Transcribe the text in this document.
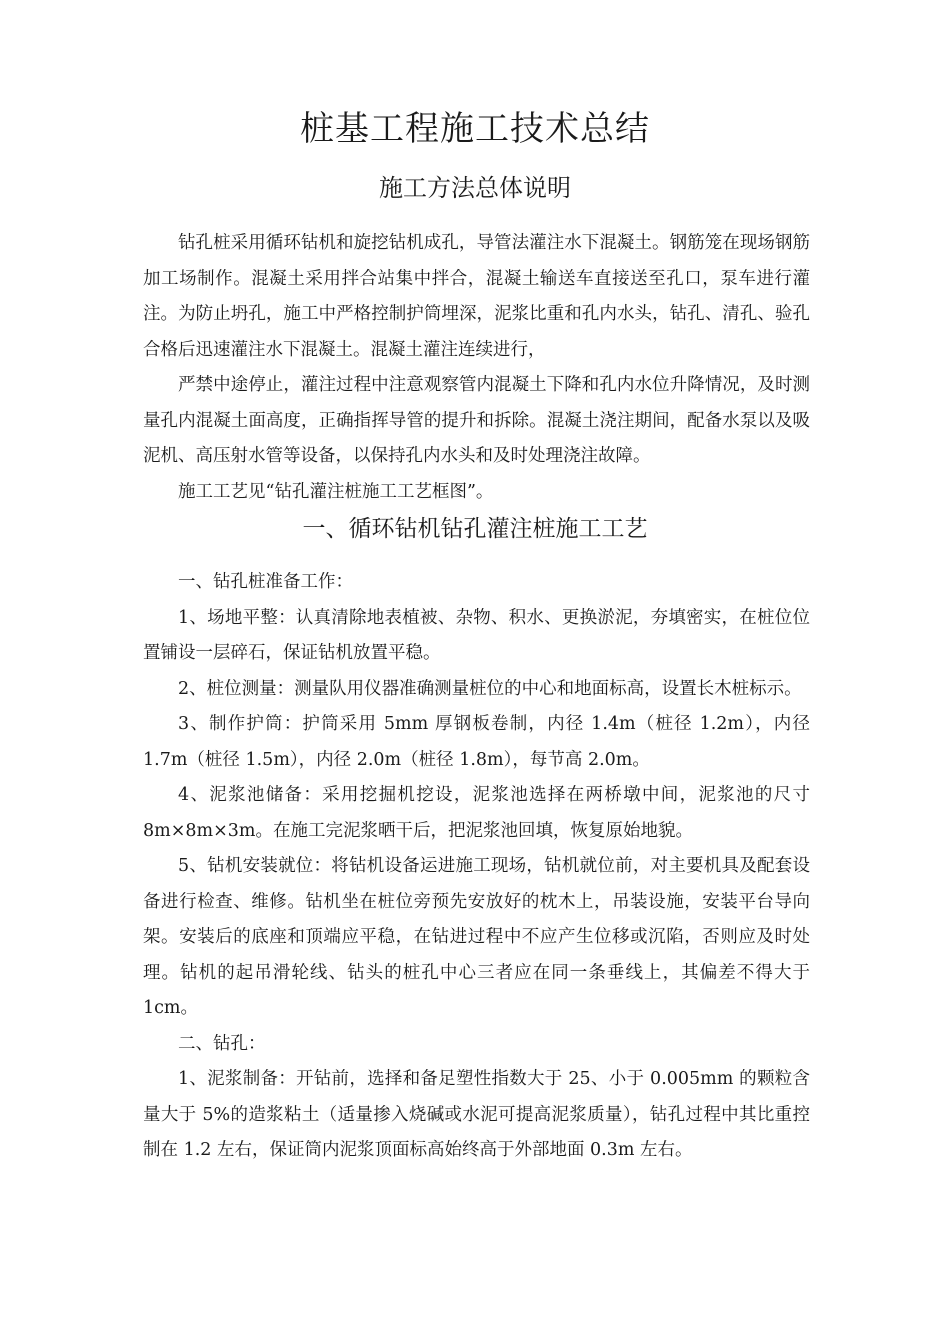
桩基工程施工技术总结
施工方法总体说明

钻孔桩采用循环钻机和旋挖钻机成孔，导管法灌注水下混凝土。钢筋笼在现场钢筋加工场制作。混凝土采用拌合站集中拌合，混凝土输送车直接送至孔口，泵车进行灌注。为防止坍孔，施工中严格控制护筒埋深，泥浆比重和孔内水头，钻孔、清孔、验孔合格后迅速灌注水下混凝土。混凝土灌注连续进行，

严禁中途停止，灌注过程中注意观察管内混凝土下降和孔内水位升降情况，及时测量孔内混凝土面高度，正确指挥导管的提升和拆除。混凝土浇注期间，配备水泵以及吸泥机、高压射水管等设备，以保持孔内水头和及时处理浇注故障。

施工工艺见“钻孔灌注桩施工工艺框图”。

一、循环钻机钻孔灌注桩施工工艺

一、钻孔桩准备工作：

1、场地平整：认真清除地表植被、杂物、积水、更换淤泥，夯填密实，在桩位位置铺设一层碎石，保证钻机放置平稳。

2、桩位测量：测量队用仪器准确测量桩位的中心和地面标高，设置长木桩标示。

3、制作护筒：护筒采用 5mm 厚钢板卷制，内径 1.4m（桩径 1.2m），内径 1.7m（桩径 1.5m），内径 2.0m（桩径 1.8m），每节高 2.0m。

4、泥浆池储备：采用挖掘机挖设，泥浆池选择在两桥墩中间，泥浆池的尺寸 8m×8m×3m。在施工完泥浆晒干后，把泥浆池回填，恢复原始地貌。

5、钻机安装就位：将钻机设备运进施工现场，钻机就位前，对主要机具及配套设备进行检查、维修。钻机坐在桩位旁预先安放好的枕木上，吊装设施，安装平台导向架。安装后的底座和顶端应平稳，在钻进过程中不应产生位移或沉陷，否则应及时处理。钻机的起吊滑轮线、钻头的桩孔中心三者应在同一条垂线上，其偏差不得大于 1cm。

二、钻孔：

1、泥浆制备：开钻前，选择和备足塑性指数大于 25、小于 0.005mm 的颗粒含量大于 5%的造浆粘土（适量掺入烧碱或水泥可提高泥浆质量），钻孔过程中其比重控制在 1.2 左右，保证筒内泥浆顶面标高始终高于外部地面 0.3m 左右。
